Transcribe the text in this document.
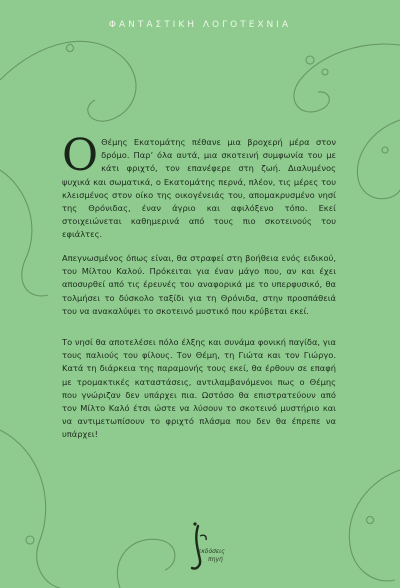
ΦΑΝΤΑΣΤΙΚΗ ΛΟΓΟΤΕΧΝΙΑ

Ο Θέμης Εκατομάτης πέθανε μια βροχερή μέρα στον δρόμο. Παρ’ όλα αυτά, μια σκοτεινή συμφωνία του με κάτι φριχτό, τον επανέφερε στη ζωή. Διαλυμένος ψυχικά και σωματικά, ο Εκατομάτης περνά, πλέον, τις μέρες του κλεισμένος στον οίκο της οικογένειάς του, απομακρυσμένο νησί της Θρόνιδας, έναν άγριο και αφιλόξενο τόπο. Εκεί στοιχειώνεται καθημερινά από τους πιο σκοτεινούς του εφιάλτες.

Απεγνωσμένος όπως είναι, θα στραφεί στη βοήθεια ενός ειδικού, του Μίλτου Καλού. Πρόκειται για έναν μάγο που, αν και έχει αποσυρθεί από τις έρευνές του αναφορικά με το υπερφυσικό, θα τολμήσει το δύσκολο ταξίδι για τη Θρόνιδα, στην προσπάθειά του να ανακαλύψει το σκοτεινό μυστικό που κρύβεται εκεί.

Το νησί θα αποτελέσει πόλο έλξης και συνάμα φονική παγίδα, για τους παλιούς του φίλους. Τον Θέμη, τη Γιώτα και τον Γιώργο. Κατά τη διάρκεια της παραμονής τους εκεί, θα έρθουν σε επαφή με τρομακτικές καταστάσεις, αντιλαμβανόμενοι πως ο Θέμης που γνώριζαν δεν υπάρχει πια. Ωστόσο θα επιστρατεύουν από τον Μίλτο Καλό έτσι ώστε να λύσουν το σκοτεινό μυστήριο και να αντιμετωπίσουν το φριχτό πλάσμα που δεν θα έπρεπε να υπάρχει!

εκδόσεις
πηγή
